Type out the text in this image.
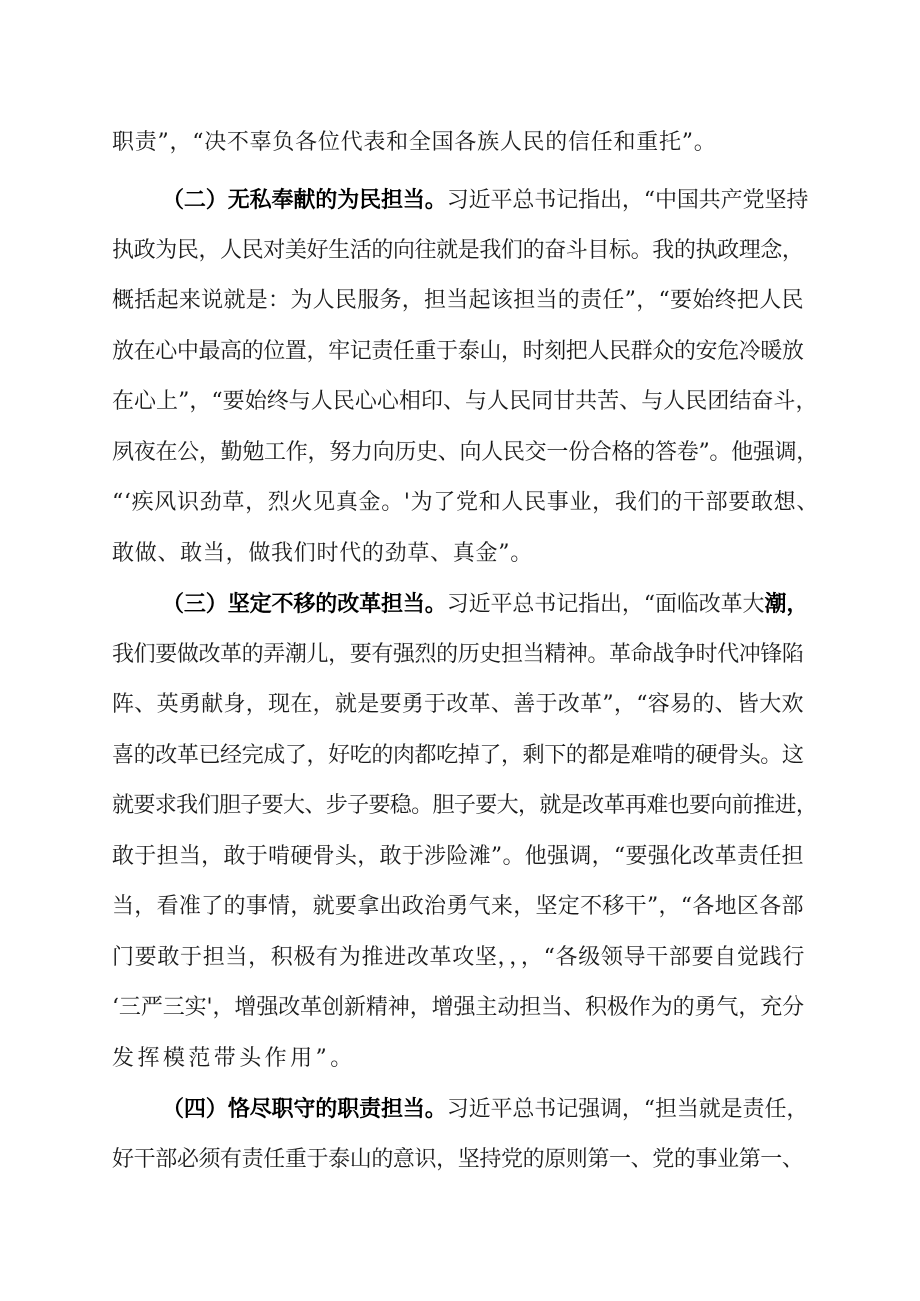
职责”，“决不辜负各位代表和全国各族人民的信任和重托”。
（二）无私奉献的为民担当。习近平总书记指出，“中国共产党坚持
执政为民，人民对美好生活的向往就是我们的奋斗目标。我的执政理念，
概括起来说就是：为人民服务，担当起该担当的责任”，“要始终把人民
放在心中最高的位置，牢记责任重于泰山，时刻把人民群众的安危冷暖放
在心上”，“要始终与人民心心相印、与人民同甘共苦、与人民团结奋斗，
夙夜在公，勤勉工作，努力向历史、向人民交一份合格的答卷”。他强调，
“‘疾风识劲草，烈火见真金。'为了党和人民事业，我们的干部要敢想、
敢做、敢当，做我们时代的劲草、真金”。
（三）坚定不移的改革担当。习近平总书记指出，“面临改革大潮，
我们要做改革的弄潮儿，要有强烈的历史担当精神。革命战争时代冲锋陷
阵、英勇献身，现在，就是要勇于改革、善于改革”，“容易的、皆大欢
喜的改革已经完成了，好吃的肉都吃掉了，剩下的都是难啃的硬骨头。这
就要求我们胆子要大、步子要稳。胆子要大，就是改革再难也要向前推进，
敢于担当，敢于啃硬骨头，敢于涉险滩”。他强调，“要强化改革责任担
当，看准了的事情，就要拿出政治勇气来，坚定不移干”，“各地区各部
门要敢于担当，积极有为推进改革攻坚，，，“各级领导干部要自觉践行
‘三严三实'，增强改革创新精神，增强主动担当、积极作为的勇气，充分
发挥模范带头作用”。
（四）恪尽职守的职责担当。习近平总书记强调，“担当就是责任，
好干部必须有责任重于泰山的意识，坚持党的原则第一、党的事业第一、
